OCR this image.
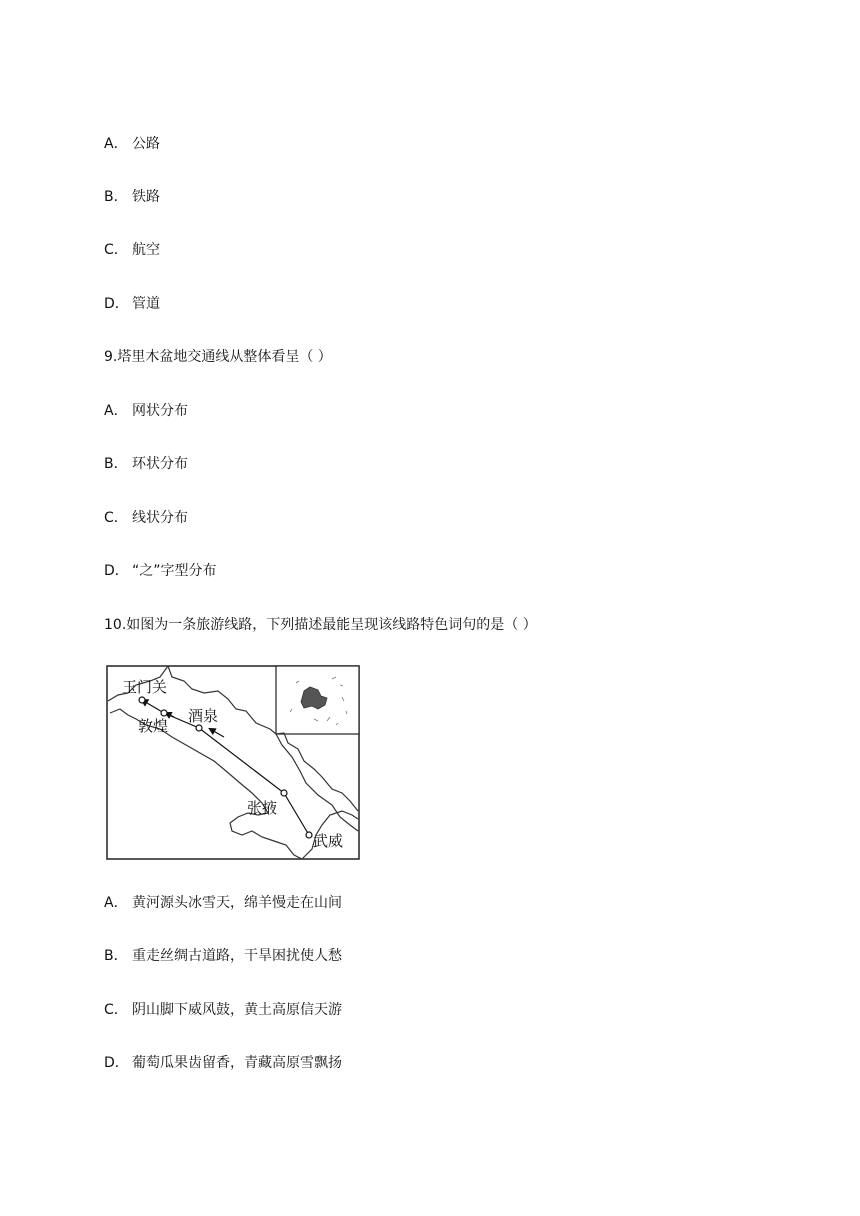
A． 公路
B． 铁路
C． 航空
D． 管道
9.塔里木盆地交通线从整体看呈（ ）
A． 网状分布
B． 环状分布
C． 线状分布
D． “之”字型分布
10.如图为一条旅游线路，下列描述最能呈现该线路特色词句的是（ ）
玉门关
敦煌
酒泉
张掖
武威
A． 黄河源头冰雪天，绵羊慢走在山间
B． 重走丝绸古道路，干旱困扰使人愁
C． 阴山脚下威风鼓，黄土高原信天游
D． 葡萄瓜果齿留香，青藏高原雪飘扬
